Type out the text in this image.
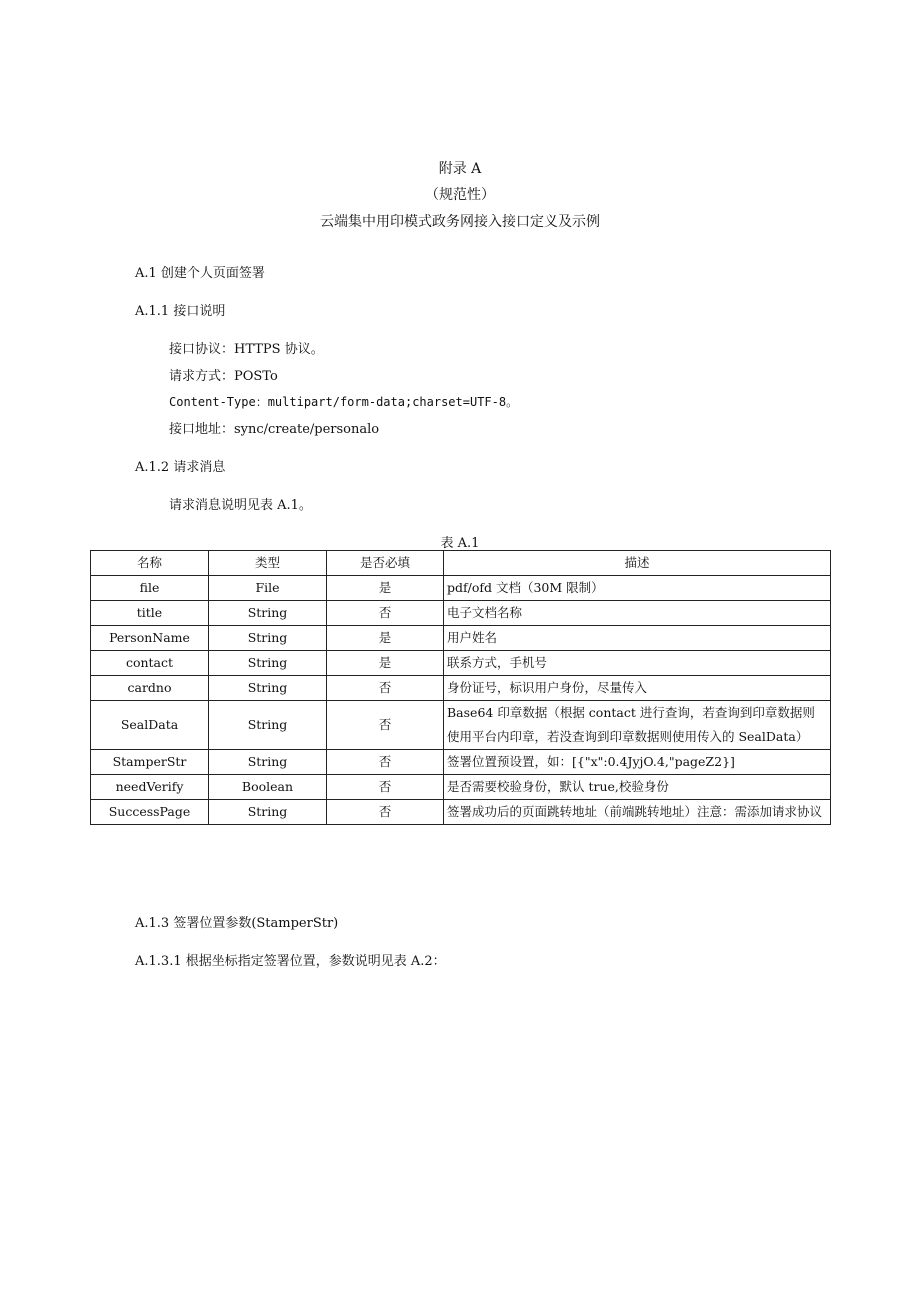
附录 A
（规范性）
云端集中用印模式政务网接入接口定义及示例
A.1 创建个人页面签署
A.1.1 接口说明
接口协议：HTTPS 协议。
请求方式：POSTo
Content-Type：multipart/form-data;charset=UTF-8。
接口地址：sync/create/personalo
A.1.2 请求消息
请求消息说明见表 A.1。
表 A.1
名称	类型	是否必填	描述
file	File	是	pdf/ofd 文档（30M 限制）
title	String	否	电子文档名称
PersonName	String	是	用户姓名
contact	String	是	联系方式，手机号
cardno	String	否	身份证号，标识用户身份，尽量传入
SealData	String	否	Base64 印章数据（根据 contact 进行查询，若查询到印章数据则使用平台内印章，若没查询到印章数据则使用传入的 SealData）
StamperStr	String	否	签署位置预设置，如：[{"x":0.4JyjO.4,"pageZ2}]
needVerify	Boolean	否	是否需要校验身份，默认 true,校验身份
SuccessPage	String	否	签署成功后的页面跳转地址（前端跳转地址）注意：需添加请求协议
A.1.3 签署位置参数(StamperStr)
A.1.3.1 根据坐标指定签署位置，参数说明见表 A.2：
